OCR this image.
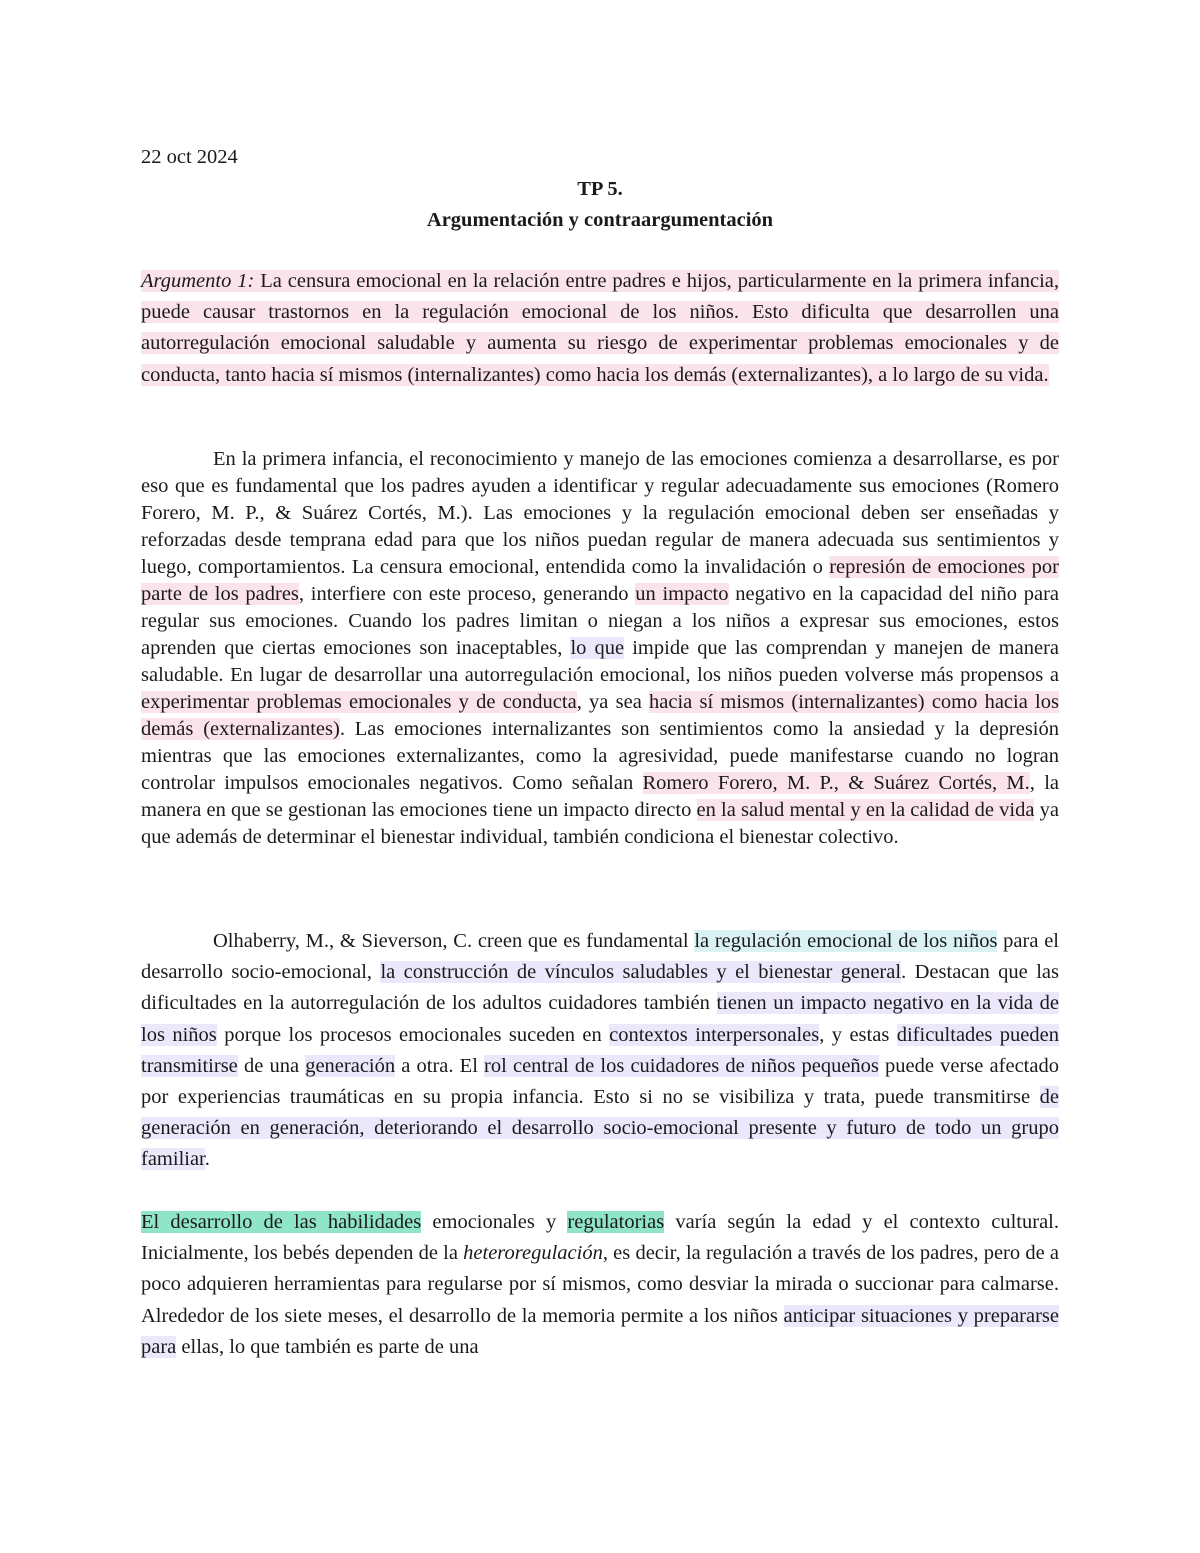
22 oct 2024

TP 5.

Argumentación y contraargumentación

Argumento 1: La censura emocional en la relación entre padres e hijos, particularmente en la primera infancia, puede causar trastornos en la regulación emocional de los niños. Esto dificulta que desarrollen una autorregulación emocional saludable y aumenta su riesgo de experimentar problemas emocionales y de conducta, tanto hacia sí mismos (internalizantes) como hacia los demás (externalizantes), a lo largo de su vida.

En la primera infancia, el reconocimiento y manejo de las emociones comienza a desarrollarse, es por eso que es fundamental que los padres ayuden a identificar y regular adecuadamente sus emociones (Romero Forero, M. P., & Suárez Cortés, M.). Las emociones y la regulación emocional deben ser enseñadas y reforzadas desde temprana edad para que los niños puedan regular de manera adecuada sus sentimientos y luego, comportamientos. La censura emocional, entendida como la invalidación o represión de emociones por parte de los padres, interfiere con este proceso, generando un impacto negativo en la capacidad del niño para regular sus emociones. Cuando los padres limitan o niegan a los niños a expresar sus emociones, estos aprenden que ciertas emociones son inaceptables, lo que impide que las comprendan y manejen de manera saludable. En lugar de desarrollar una autorregulación emocional, los niños pueden volverse más propensos a experimentar problemas emocionales y de conducta, ya sea hacia sí mismos (internalizantes) como hacia los demás (externalizantes). Las emociones internalizantes son sentimientos como la ansiedad y la depresión mientras que las emociones externalizantes, como la agresividad, puede manifestarse cuando no logran controlar impulsos emocionales negativos. Como señalan Romero Forero, M. P., & Suárez Cortés, M., la manera en que se gestionan las emociones tiene un impacto directo en la salud mental y en la calidad de vida ya que además de determinar el bienestar individual, también condiciona el bienestar colectivo.

Olhaberry, M., & Sieverson, C. creen que es fundamental la regulación emocional de los niños para el desarrollo socio-emocional, la construcción de vínculos saludables y el bienestar general. Destacan que las dificultades en la autorregulación de los adultos cuidadores también tienen un impacto negativo en la vida de los niños porque los procesos emocionales suceden en contextos interpersonales, y estas dificultades pueden transmitirse de una generación a otra. El rol central de los cuidadores de niños pequeños puede verse afectado por experiencias traumáticas en su propia infancia. Esto si no se visibiliza y trata, puede transmitirse de generación en generación, deteriorando el desarrollo socio-emocional presente y futuro de todo un grupo familiar.

El desarrollo de las habilidades emocionales y regulatorias varía según la edad y el contexto cultural. Inicialmente, los bebés dependen de la heteroregulación, es decir, la regulación a través de los padres, pero de a poco adquieren herramientas para regularse por sí mismos, como desviar la mirada o succionar para calmarse. Alrededor de los siete meses, el desarrollo de la memoria permite a los niños anticipar situaciones y prepararse para ellas, lo que también es parte de una
